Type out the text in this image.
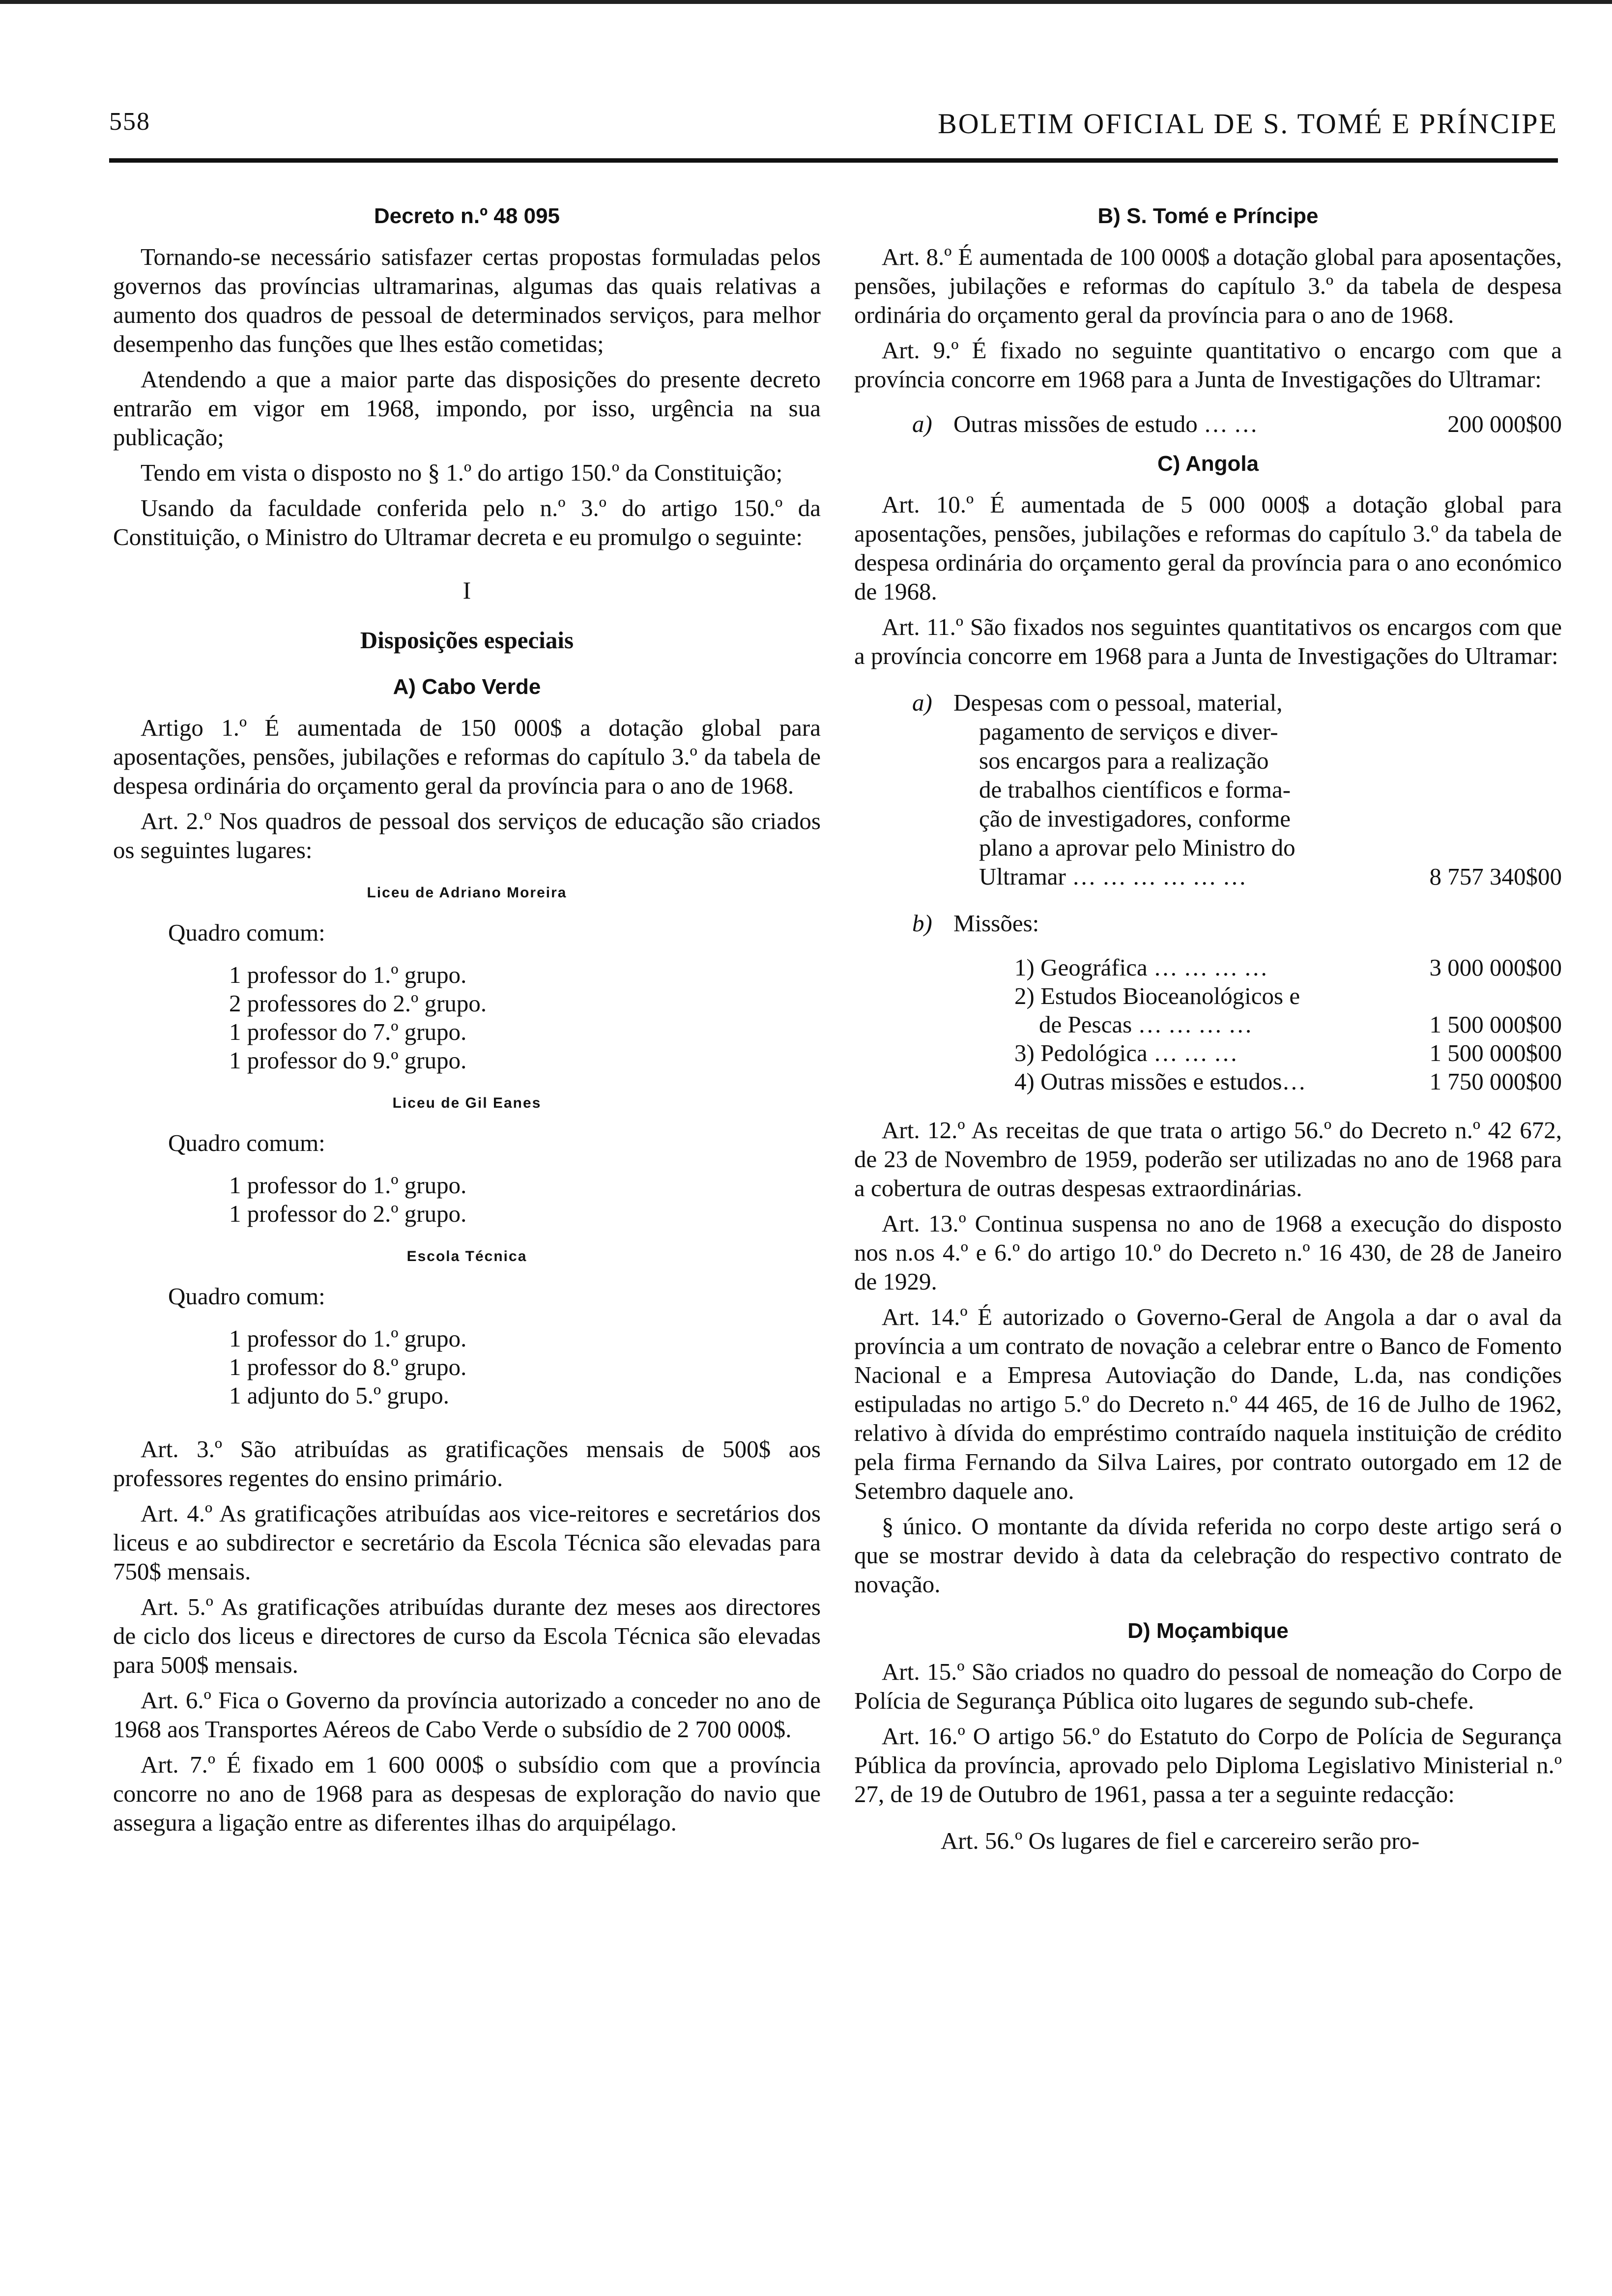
558	BOLETIM OFICIAL DE S. TOMÉ E PRÍNCIPE
Decreto n.º 48 095

Tornando-se necessário satisfazer certas propostas formuladas pelos governos das províncias ultramarinas, algumas das quais relativas a aumento dos quadros de pessoal de determinados serviços, para melhor desempenho das funções que lhes estão cometidas;

Atendendo a que a maior parte das disposições do presente decreto entrarão em vigor em 1968, impondo, por isso, urgência na sua publicação;

Tendo em vista o disposto no § 1.º do artigo 150.º da Constituição;

Usando da faculdade conferida pelo n.º 3.º do artigo 150.º da Constituição, o Ministro do Ultramar decreta e eu promulgo o seguinte:

I
Disposições especiais
A) Cabo Verde

Artigo 1.º É aumentada de 150 000$ a dotação global para aposentações, pensões, jubilações e reformas do capítulo 3.º da tabela de despesa ordinária do orçamento geral da província para o ano de 1968.

Art. 2.º Nos quadros de pessoal dos serviços de educação são criados os seguintes lugares:

Liceu de Adriano Moreira
Quadro comum:
1 professor do 1.º grupo.
2 professores do 2.º grupo.
1 professor do 7.º grupo.
1 professor do 9.º grupo.
Liceu de Gil Eanes
Quadro comum:
1 professor do 1.º grupo.
1 professor do 2.º grupo.
Escola Técnica
Quadro comum:
1 professor do 1.º grupo.
1 professor do 8.º grupo.
1 adjunto do 5.º grupo.

Art. 3.º São atribuídas as gratificações mensais de 500$ aos professores regentes do ensino primário.

Art. 4.º As gratificações atribuídas aos vice-reitores e secretários dos liceus e ao subdirector e secretário da Escola Técnica são elevadas para 750$ mensais.

Art. 5.º As gratificações atribuídas durante dez meses aos directores de ciclo dos liceus e directores de curso da Escola Técnica são elevadas para 500$ mensais.

Art. 6.º Fica o Governo da província autorizado a conceder no ano de 1968 aos Transportes Aéreos de Cabo Verde o subsídio de 2 700 000$.

Art. 7.º É fixado em 1 600 000$ o subsídio com que a província concorre no ano de 1968 para as despesas de exploração do navio que assegura a ligação entre as diferentes ilhas do arquipélago.

B) S. Tomé e Príncipe

Art. 8.º É aumentada de 100 000$ a dotação global para aposentações, pensões, jubilações e reformas do capítulo 3.º da tabela de despesa ordinária do orçamento geral da província para o ano de 1968.

Art. 9.º É fixado no seguinte quantitativo o encargo com que a província concorre em 1968 para a Junta de Investigações do Ultramar:

a) Outras missões de estudo … …	200 000$00
C) Angola

Art. 10.º É aumentada de 5 000 000$ a dotação global para aposentações, pensões, jubilações e reformas do capítulo 3.º da tabela de despesa ordinária do orçamento geral da província para o ano económico de 1968.

Art. 11.º São fixados nos seguintes quantitativos os encargos com que a província concorre em 1968 para a Junta de Investigações do Ultramar:

a) Despesas com o pessoal, material,
pagamento de serviços e diver-
sos encargos para a realização
de trabalhos científicos e forma-
ção de investigadores, conforme
plano a aprovar pelo Ministro do
Ultramar … … … … … …	8 757 340$00
b) Missões:
1) Geográfica … … … …	3 000 000$00
2) Estudos Bioceanológicos e
de Pescas … … … …	1 500 000$00
3) Pedológica … … …	1 500 000$00
4) Outras missões e estudos…	1 750 000$00

Art. 12.º As receitas de que trata o artigo 56.º do Decreto n.º 42 672, de 23 de Novembro de 1959, poderão ser utilizadas no ano de 1968 para a cobertura de outras despesas extraordinárias.

Art. 13.º Continua suspensa no ano de 1968 a execução do disposto nos n.os 4.º e 6.º do artigo 10.º do Decreto n.º 16 430, de 28 de Janeiro de 1929.

Art. 14.º É autorizado o Governo-Geral de Angola a dar o aval da província a um contrato de novação a celebrar entre o Banco de Fomento Nacional e a Empresa Autoviação do Dande, L.da, nas condições estipuladas no artigo 5.º do Decreto n.º 44 465, de 16 de Julho de 1962, relativo à dívida do empréstimo contraído naquela instituição de crédito pela firma Fernando da Silva Laires, por contrato outorgado em 12 de Setembro daquele ano.

§ único. O montante da dívida referida no corpo deste artigo será o que se mostrar devido à data da celebração do respectivo contrato de novação.

D) Moçambique

Art. 15.º São criados no quadro do pessoal de nomeação do Corpo de Polícia de Segurança Pública oito lugares de segundo sub-chefe.

Art. 16.º O artigo 56.º do Estatuto do Corpo de Polícia de Segurança Pública da província, aprovado pelo Diploma Legislativo Ministerial n.º 27, de 19 de Outubro de 1961, passa a ter a seguinte redacção:

Art. 56.º Os lugares de fiel e carcereiro serão pro-
